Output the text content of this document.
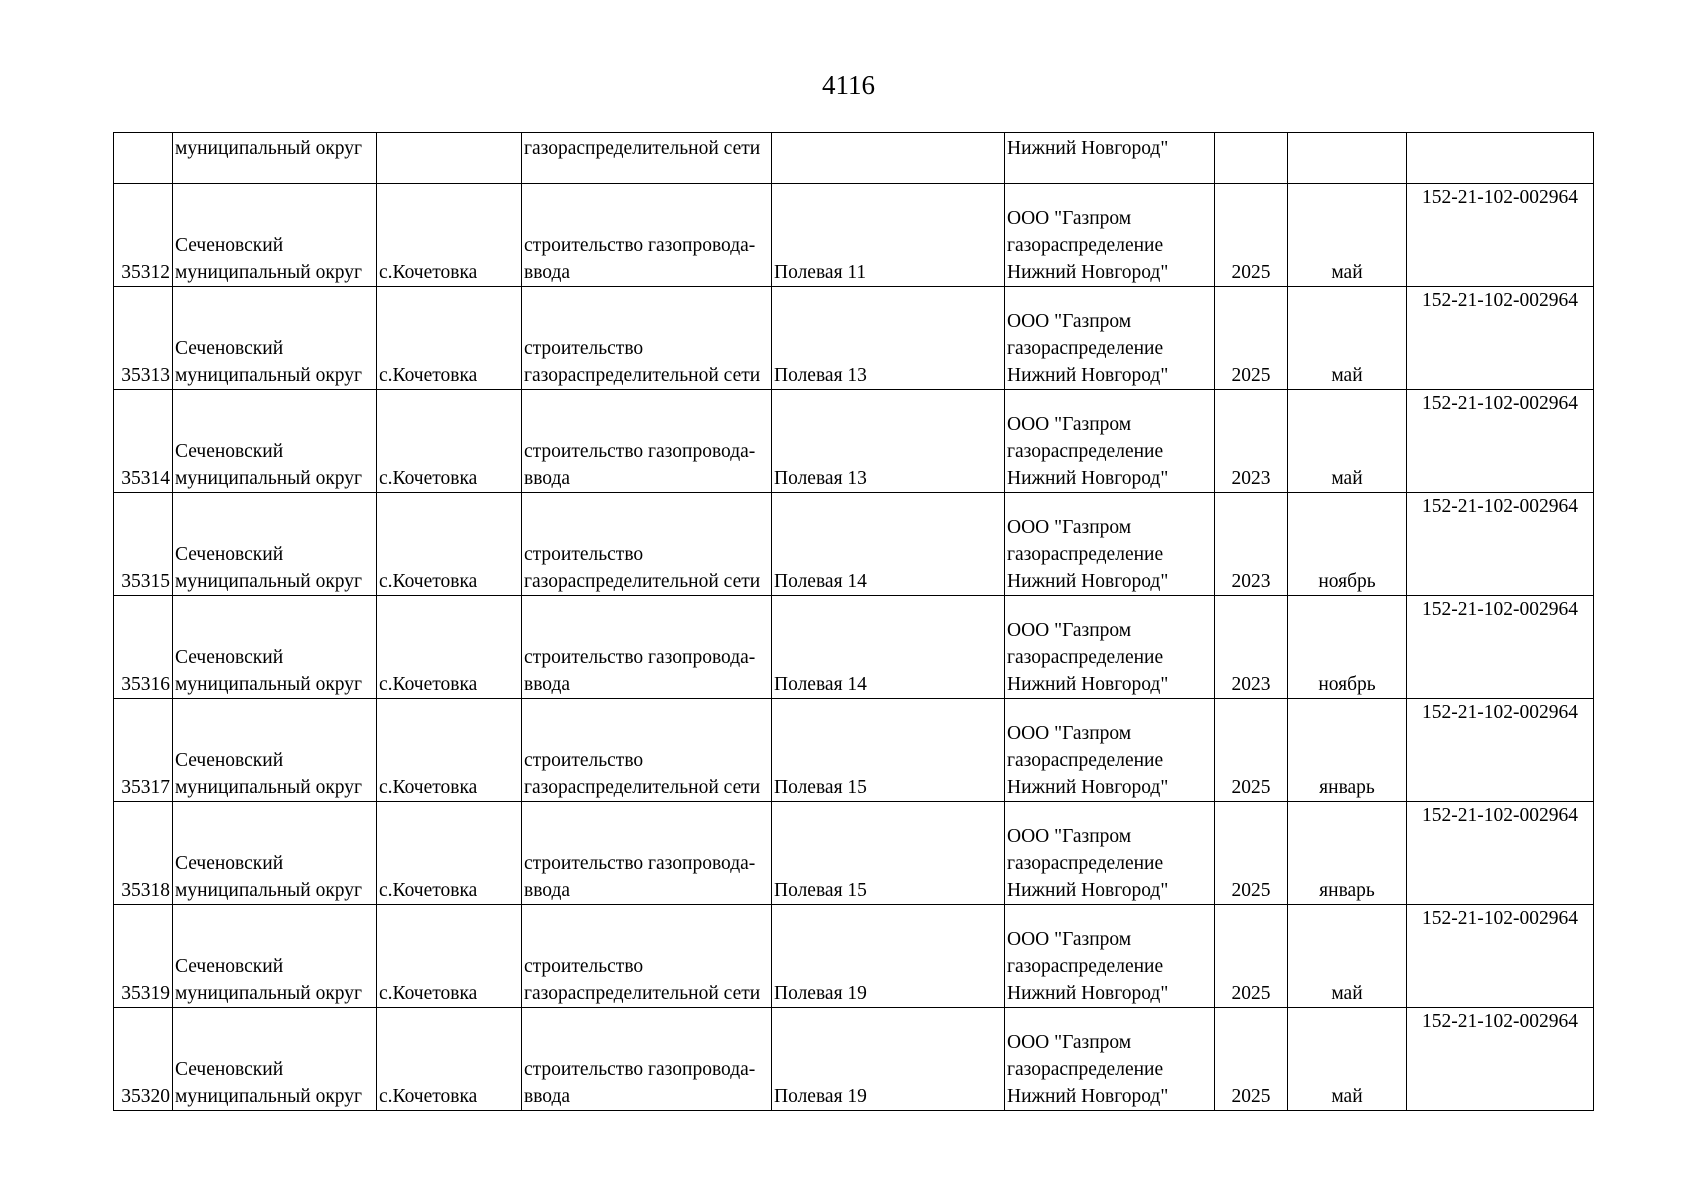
4116
	муниципальный округ		газораспределительной сети		Нижний Новгород"			
35312	Сеченовский
муниципальный округ	с.Кочетовка	строительство газопровода-
ввода	Полевая 11	ООО "Газпром
газораспределение
Нижний Новгород"	2025	май	152-21-102-002964
35313	Сеченовский
муниципальный округ	с.Кочетовка	строительство
газораспределительной сети	Полевая 13	ООО "Газпром
газораспределение
Нижний Новгород"	2025	май	152-21-102-002964
35314	Сеченовский
муниципальный округ	с.Кочетовка	строительство газопровода-
ввода	Полевая 13	ООО "Газпром
газораспределение
Нижний Новгород"	2023	май	152-21-102-002964
35315	Сеченовский
муниципальный округ	с.Кочетовка	строительство
газораспределительной сети	Полевая 14	ООО "Газпром
газораспределение
Нижний Новгород"	2023	ноябрь	152-21-102-002964
35316	Сеченовский
муниципальный округ	с.Кочетовка	строительство газопровода-
ввода	Полевая 14	ООО "Газпром
газораспределение
Нижний Новгород"	2023	ноябрь	152-21-102-002964
35317	Сеченовский
муниципальный округ	с.Кочетовка	строительство
газораспределительной сети	Полевая 15	ООО "Газпром
газораспределение
Нижний Новгород"	2025	январь	152-21-102-002964
35318	Сеченовский
муниципальный округ	с.Кочетовка	строительство газопровода-
ввода	Полевая 15	ООО "Газпром
газораспределение
Нижний Новгород"	2025	январь	152-21-102-002964
35319	Сеченовский
муниципальный округ	с.Кочетовка	строительство
газораспределительной сети	Полевая 19	ООО "Газпром
газораспределение
Нижний Новгород"	2025	май	152-21-102-002964
35320	Сеченовский
муниципальный округ	с.Кочетовка	строительство газопровода-
ввода	Полевая 19	ООО "Газпром
газораспределение
Нижний Новгород"	2025	май	152-21-102-002964
